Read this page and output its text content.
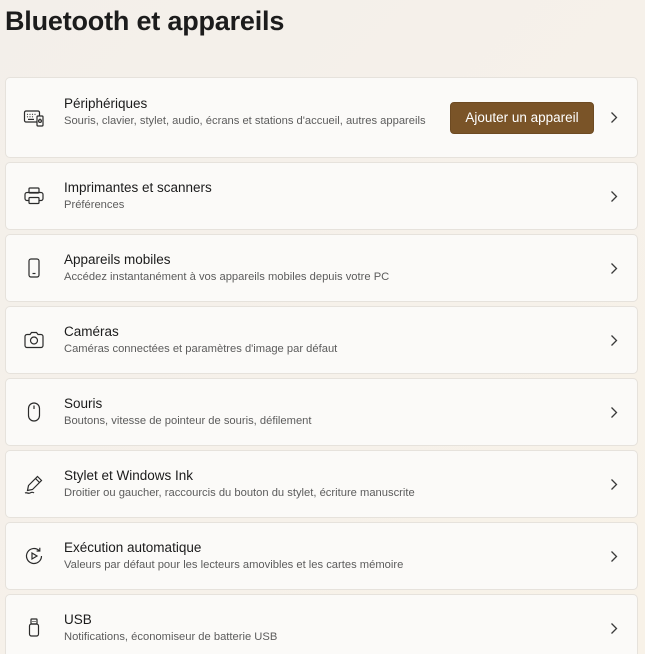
Bluetooth et appareils
Périphériques
Souris, clavier, stylet, audio, écrans et stations d'accueil, autres appareils	Ajouter un appareil
Imprimantes et scanners
Préférences
Appareils mobiles
Accédez instantanément à vos appareils mobiles depuis votre PC
Caméras
Caméras connectées et paramètres d'image par défaut
Souris
Boutons, vitesse de pointeur de souris, défilement
Stylet et Windows Ink
Droitier ou gaucher, raccourcis du bouton du stylet, écriture manuscrite
Exécution automatique
Valeurs par défaut pour les lecteurs amovibles et les cartes mémoire
USB
Notifications, économiseur de batterie USB
